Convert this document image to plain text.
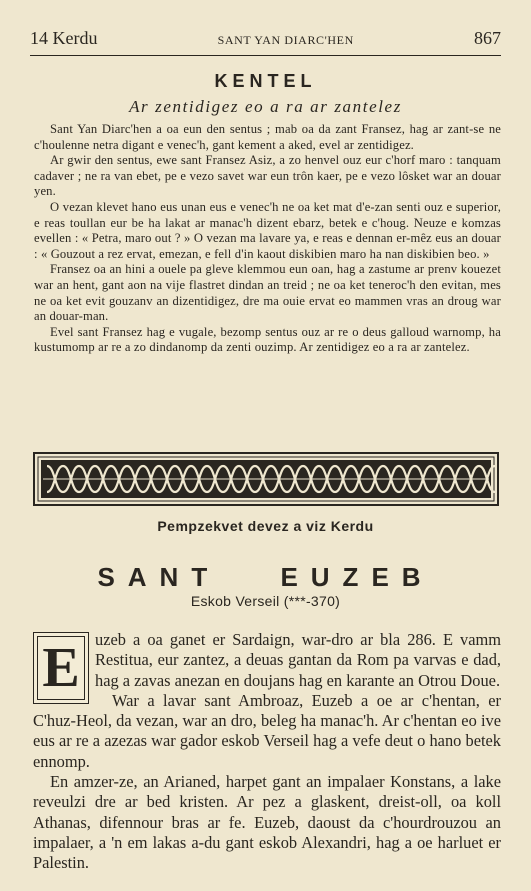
14 Kerdu	SANT YAN DIARC'HEN	867
KENTEL
Ar zentidigez eo a ra ar zantelez

Sant Yan Diarc'hen a oa eun den sentus ; mab oa da zant Fransez, hag ar zant-se ne c'houlenne netra digant e venec'h, gant kement a aked, evel ar zentidigez.

Ar gwir den sentus, ewe sant Fransez Asiz, a zo henvel ouz eur c'horf maro : tanquam cadaver ; ne ra van ebet, pe e vezo savet war eun trôn kaer, pe e vezo lôsket war an douar yen.

O vezan klevet hano eus unan eus e venec'h ne oa ket mat d'e-zan senti ouz e superior, e reas toullan eur be ha lakat ar manac'h dizent ebarz, betek e c'houg. Neuze e komzas evellen : « Petra, maro out ? » O vezan ma lavare ya, e reas e dennan er-mêz eus an douar : « Gouzout a rez ervat, emezan, e fell d'in kaout diskibien maro ha nan diskibien beo. »

Fransez oa an hini a ouele pa gleve klemmou eun oan, hag a zastume ar prenv kouezet war an hent, gant aon na vije flastret dindan an treid ; ne oa ket teneroc'h den evitan, mes ne oa ket evit gouzanv an dizentidigez, dre ma ouie ervat eo mammen vras an droug war an douar-man.

Evel sant Fransez hag e vugale, bezomp sentus ouz ar re o deus galloud warnomp, ha kustumomp ar re a zo dindanomp da zenti ouzimp. Ar zentidigez eo a ra ar zantelez.

Pempzekvet devez a viz Kerdu
SANT EUZEB
Eskob Verseil (***-370)

E uzeb a oa ganet er Sardaign, war-dro ar bla 286. E vamm Restitua, eur zantez, a deuas gantan da Rom pa varvas e dad, hag a zavas anezan en doujans hag en karante an Otrou Doue.

War a lavar sant Ambroaz, Euzeb a oe ar c'hentan, er C'huz-Heol, da vezan, war an dro, beleg ha manac'h. Ar c'hentan eo ive eus ar re a azezas war gador eskob Verseil hag a vefe deut o hano betek ennomp.

En amzer-ze, an Arianed, harpet gant an impalaer Konstans, a lake reveulzi dre ar bed kristen. Ar pez a glaskent, dreist-oll, oa koll Athanas, difennour bras ar fe. Euzeb, daoust da c'hourdrouzou an impalaer, a 'n em lakas a-du gant eskob Alexandri, hag a oe harluet er Palestin.
